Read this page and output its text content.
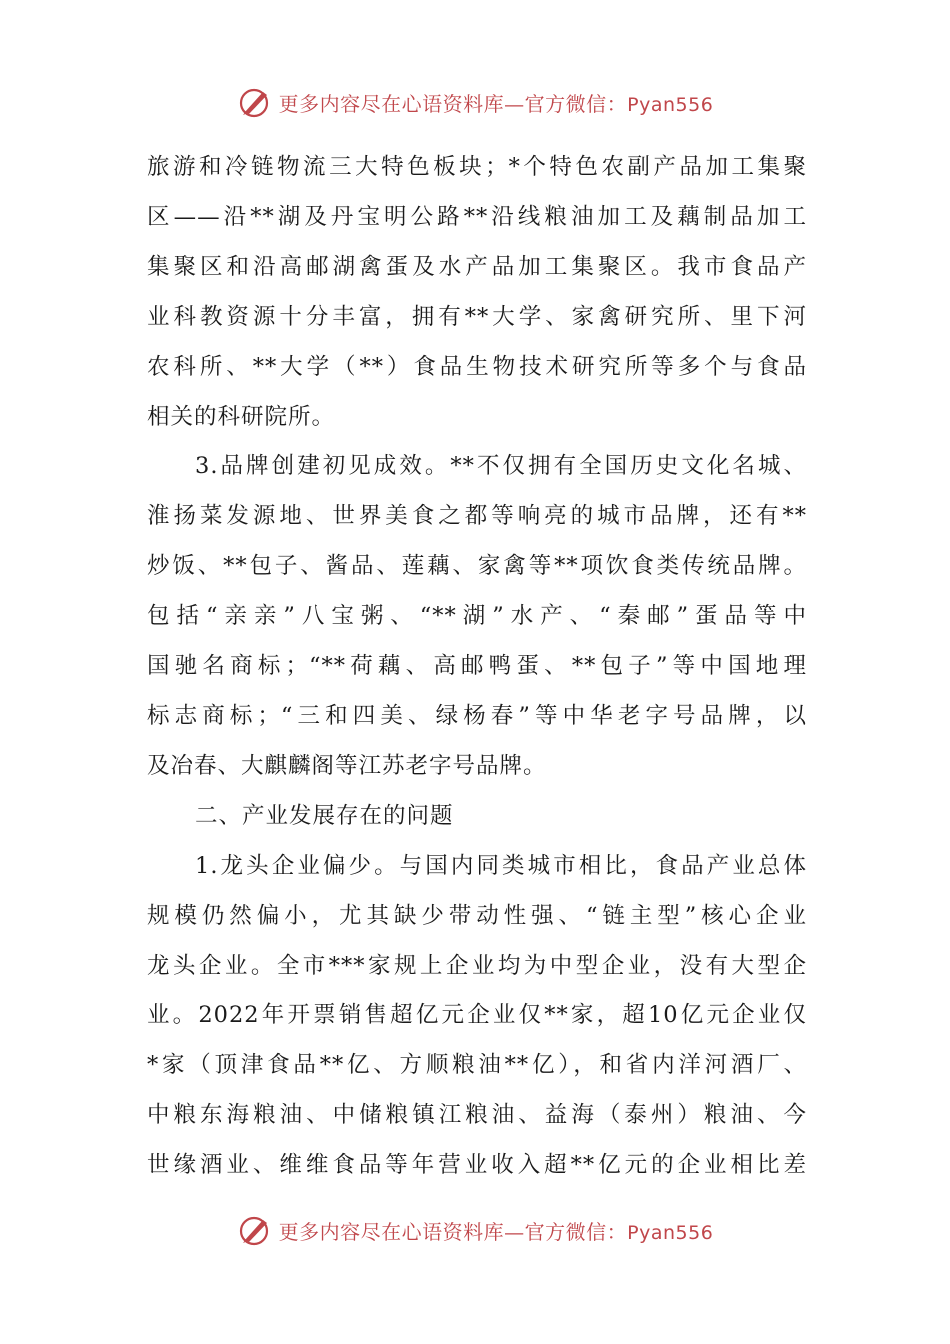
更多内容尽在心语资料库—官方微信：Pyan556

旅游和冷链物流三大特色板块；*个特色农副产品加工集聚

区——沿**湖及丹宝明公路**沿线粮油加工及藕制品加工

集聚区和沿高邮湖禽蛋及水产品加工集聚区。我市食品产

业科教资源十分丰富，拥有**大学、家禽研究所、里下河

农科所、**大学（**）食品生物技术研究所等多个与食品

相关的科研院所。

3.品牌创建初见成效。**不仅拥有全国历史文化名城、

淮扬菜发源地、世界美食之都等响亮的城市品牌，还有**

炒饭、**包子、酱品、莲藕、家禽等**项饮食类传统品牌。

包括“亲亲”八宝粥、“**湖”水产、“秦邮”蛋品等中

国驰名商标；“**荷藕、高邮鸭蛋、**包子”等中国地理

标志商标；“三和四美、绿杨春”等中华老字号品牌，以

及冶春、大麒麟阁等江苏老字号品牌。

二、产业发展存在的问题

1.龙头企业偏少。与国内同类城市相比，食品产业总体

规模仍然偏小，尤其缺少带动性强、“链主型”核心企业

龙头企业。全市***家规上企业均为中型企业，没有大型企

业。2022年开票销售超亿元企业仅**家，超10亿元企业仅

*家（顶津食品**亿、方顺粮油**亿），和省内洋河酒厂、

中粮东海粮油、中储粮镇江粮油、益海（泰州）粮油、今

世缘酒业、维维食品等年营业收入超**亿元的企业相比差

更多内容尽在心语资料库—官方微信：Pyan556
